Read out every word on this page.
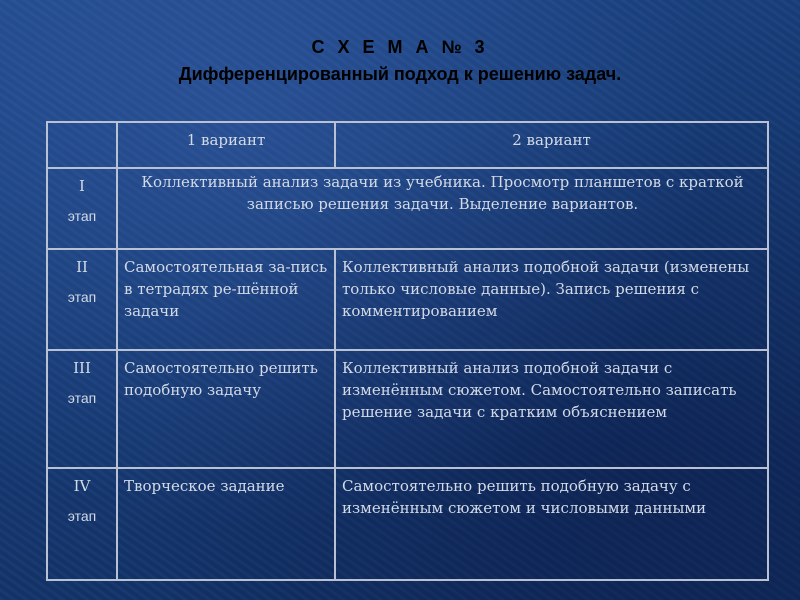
С Х Е М А № 3
Дифференцированный подход к решению задач.
	1 вариант	2 вариант

I
этап	Коллективный анализ задачи из учебника. Просмотр планшетов с краткой записью решения задачи. Выделение вариантов.	

II
этап	Самостоятельная за-пись в тетрадях ре-шённой задачи	Коллективный анализ подобной задачи (изменены только числовые данные). Запись решения с комментированием

III
этап	Самостоятельно решить подобную задачу	Коллективный анализ подобной задачи с изменённым сюжетом. Самостоятельно записать решение задачи с кратким объяснением

IV
этап	Творческое задание	Самостоятельно решить подобную задачу с изменённым сюжетом и числовыми данными
